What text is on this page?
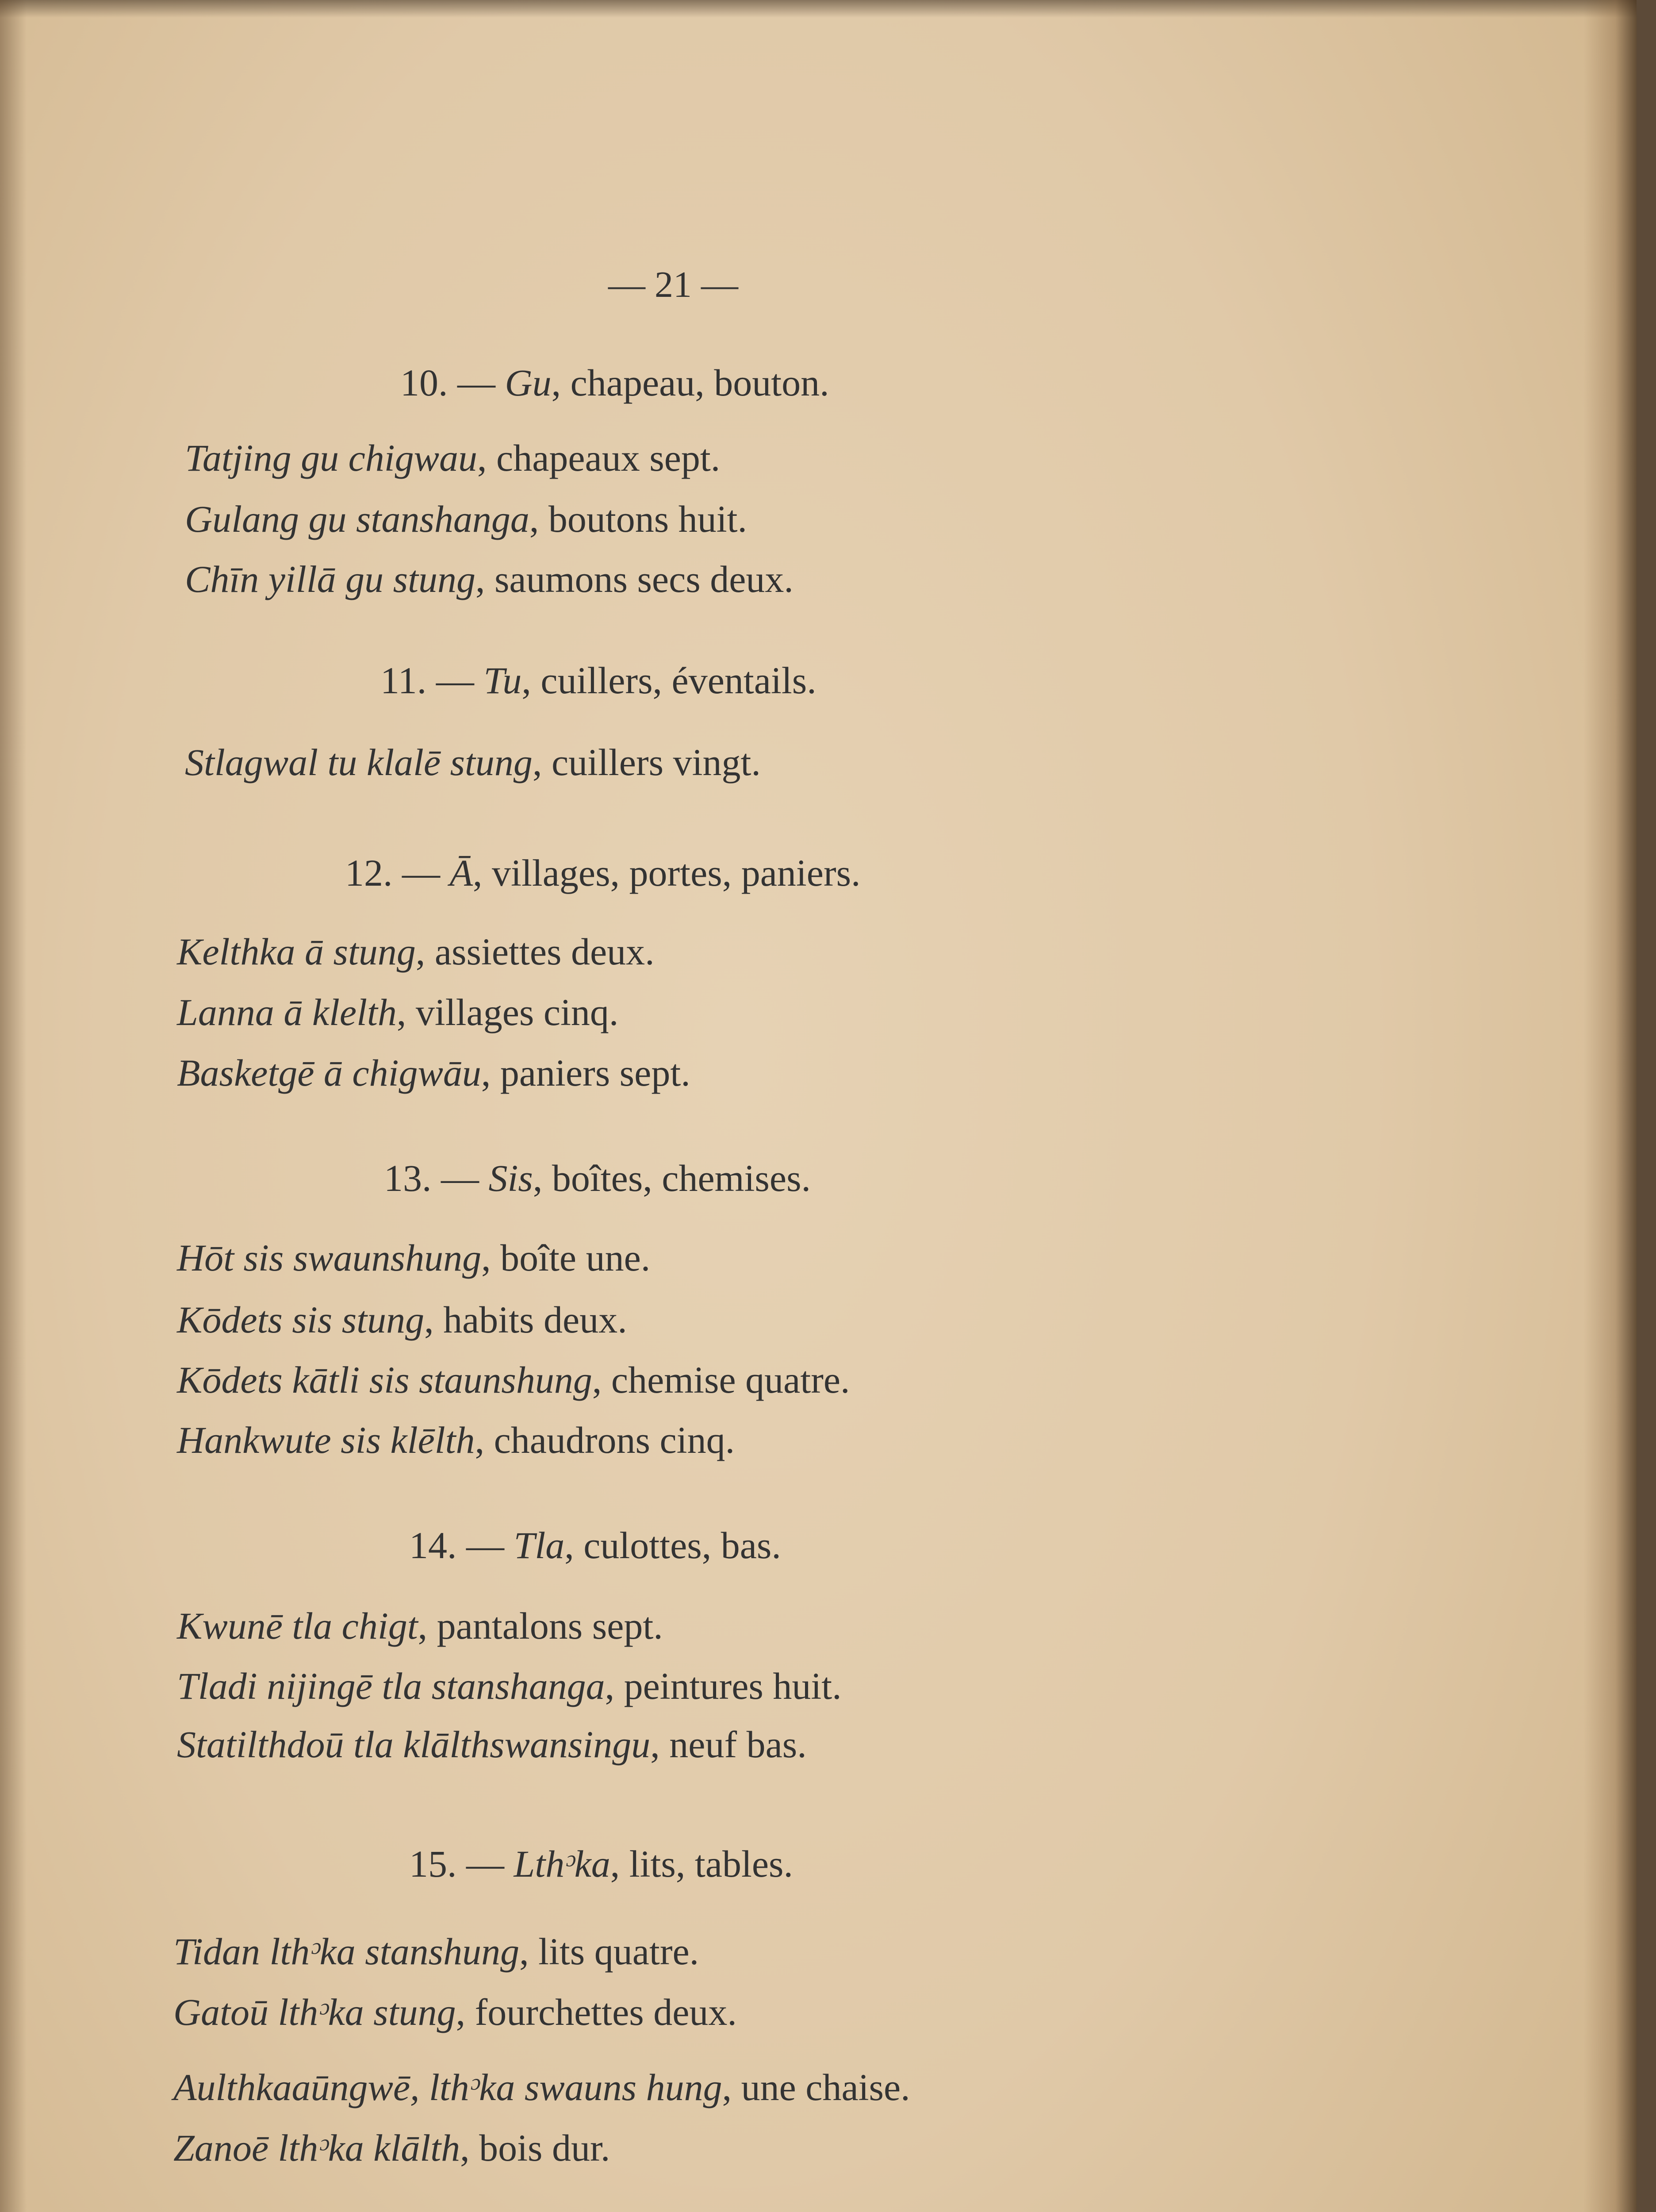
— 21 —
10. — Gu, chapeau, bouton.
Tatjing gu chigwau, chapeaux sept.
Gulang gu stanshanga, boutons huit.
Chīn yillā gu stung, saumons secs deux.
11. — Tu, cuillers, éventails.
Stlagwal tu klalē stung, cuillers vingt.
12. — Ā, villages, portes, paniers.
Kelthka ā stung, assiettes deux.
Lanna ā klelth, villages cinq.
Basketgē ā chigwāu, paniers sept.
13. — Sis, boîtes, chemises.
Hōt sis swaunshung, boîte une.
Kōdets sis stung, habits deux.
Kōdets kātli sis staunshung, chemise quatre.
Hankwute sis klēlth, chaudrons cinq.
14. — Tla, culottes, bas.
Kwunē tla chigt, pantalons sept.
Tladi nijingē tla stanshanga, peintures huit.
Statilthdoū tla klālthswansingu, neuf bas.
15. — Lthᵓka, lits, tables.
Tidan lthᵓka stanshung, lits quatre.
Gatoū lthᵓka stung, fourchettes deux.
Aulthkaaūngwē, lthᵓka swauns hung, une chaise.
Zanoē lthᵓka klālth, bois dur.
